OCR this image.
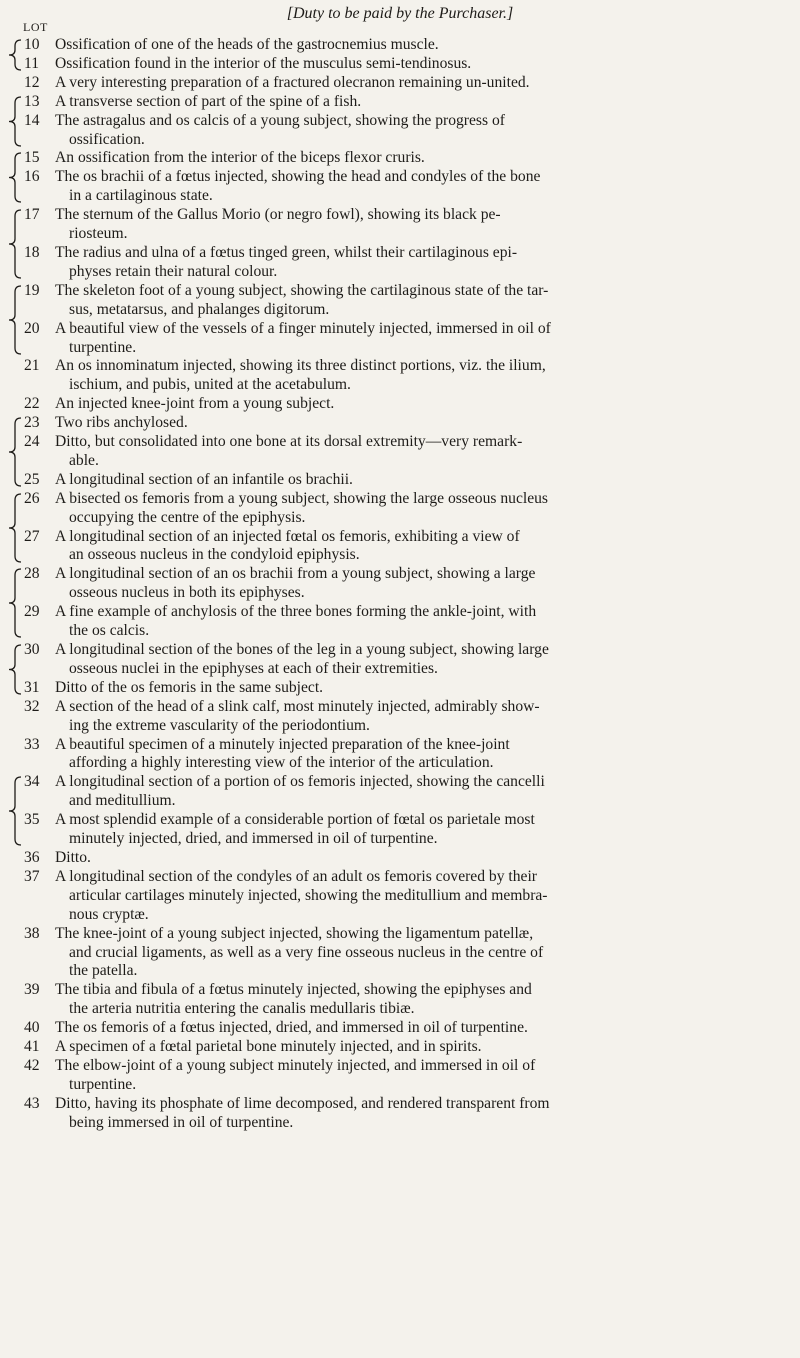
[Duty to be paid by the Purchaser.]
LOT
10 Ossification of one of the heads of the gastrocnemius muscle.
11	Ossification found in the interior of the musculus semi-tendinosus.
12 A very interesting preparation of a fractured olecranon remaining un-united.
13 A transverse section of part of the spine of a fish.
14 The astragalus and os calcis of a young subject, showing the progress of
ossification.
15 An ossification from the interior of the biceps flexor cruris.
16 The os brachii of a fœtus injected, showing the head and condyles of the bone
in a cartilaginous state.
17 The sternum of the Gallus Morio (or negro fowl), showing its black pe-
riosteum.
18 The radius and ulna of a fœtus tinged green, whilst their cartilaginous epi-
physes retain their natural colour.
19 The skeleton foot of a young subject, showing the cartilaginous state of the tar-
sus, metatarsus, and phalanges digitorum.
20 A beautiful view of the vessels of a finger minutely injected, immersed in oil of
turpentine.
21 An os innominatum injected, showing its three distinct portions, viz. the ilium,
ischium, and pubis, united at the acetabulum.
22 An injected knee-joint from a young subject.
23 Two ribs anchylosed.
24 Ditto, but consolidated into one bone at its dorsal extremity—very remark-
able.
25 A longitudinal section of an infantile os brachii.
26 A bisected os femoris from a young subject, showing the large osseous nucleus
occupying the centre of the epiphysis.
27 A longitudinal section of an injected fœtal os femoris, exhibiting a view of
an osseous nucleus in the condyloid epiphysis.
28 A longitudinal section of an os brachii from a young subject, showing a large
osseous nucleus in both its epiphyses.
29 A fine example of anchylosis of the three bones forming the ankle-joint, with
the os calcis.
30 A longitudinal section of the bones of the leg in a young subject, showing large
osseous nuclei in the epiphyses at each of their extremities.
31 Ditto of the os femoris in the same subject.
32 A section of the head of a slink calf, most minutely injected, admirably show-
ing the extreme vascularity of the periodontium.
33 A beautiful specimen of a minutely injected preparation of the knee-joint
affording a highly interesting view of the interior of the articulation.
34 A longitudinal section of a portion of os femoris injected, showing the cancelli
and meditullium.
35 A most splendid example of a considerable portion of fœtal os parietale most
minutely injected, dried, and immersed in oil of turpentine.
36 Ditto.
37 A longitudinal section of the condyles of an adult os femoris covered by their
articular cartilages minutely injected, showing the meditullium and membra-
nous cryptæ.
38 The knee-joint of a young subject injected, showing the ligamentum patellæ,
and crucial ligaments, as well as a very fine osseous nucleus in the centre of
the patella.
39 The tibia and fibula of a fœtus minutely injected, showing the epiphyses and
the arteria nutritia entering the canalis medullaris tibiæ.
40 The os femoris of a fœtus injected, dried, and immersed in oil of turpentine.
41 A specimen of a fœtal parietal bone minutely injected, and in spirits.
42 The elbow-joint of a young subject minutely injected, and immersed in oil of
turpentine.
43 Ditto, having its phosphate of lime decomposed, and rendered transparent from
being immersed in oil of turpentine.
